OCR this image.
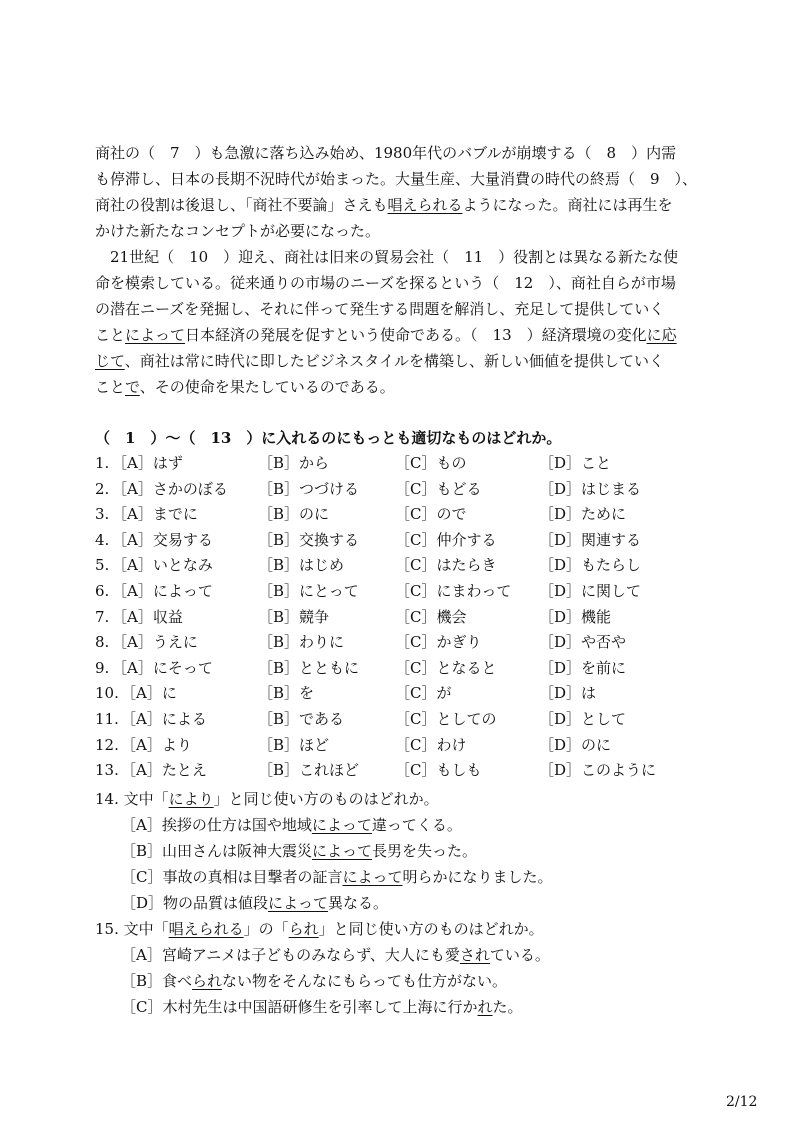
商社の（　7　）も急激に落ち込み始め、1980年代のバブルが崩壊する（　8　）内需
も停滞し、日本の長期不況時代が始まった。大量生産、大量消費の時代の終焉（　9　）、
商社の役割は後退し、「商社不要論」さえも唱えられるようになった。商社には再生を
かけた新たなコンセプトが必要になった。
　21世紀（　10　）迎え、商社は旧来の貿易会社（　11　）役割とは異なる新たな使
命を模索している。従来通りの市場のニーズを探るという（　12　）、商社自らが市場
の潜在ニーズを発掘し、それに伴って発生する問題を解消し、充足して提供していく
ことによって日本経済の発展を促すという使命である。（　13　）経済環境の変化に応
じて、商社は常に時代に即したビジネスタイルを構築し、新しい価値を提供していく
ことで、その使命を果たしているのである。
（　1　）～（　13　）に入れるのにもっとも適切なものはどれか。
1. ［A］はず	［B］から	［C］もの	［D］こと
2. ［A］さかのぼる ［B］つづける ［C］もどる	［D］はじまる
3. ［A］までに	［B］のに	［C］ので	［D］ために
4. ［A］交易する	［B］交換する ［C］仲介する	［D］関連する
5. ［A］いとなみ	［B］はじめ	［C］はたらき	［D］もたらし
6. ［A］によって	［B］にとって ［C］にまわって ［D］に関して
7. ［A］収益	［B］競争	［C］機会	［D］機能
8. ［A］うえに	［B］わりに	［C］かぎり	［D］や否や
9. ［A］にそって	［B］とともに ［C］となると	［D］を前に
10. ［A］に	［B］を	［C］が	［D］は
11. ［A］による	［B］である	［C］としての	［D］として
12. ［A］より	［B］ほど	［C］わけ	［D］のに
13. ［A］たとえ	［B］これほど ［C］もしも	［D］このように
14. 文中「により」と同じ使い方のものはどれか。
［A］挨拶の仕方は国や地域によって違ってくる。
［B］山田さんは阪神大震災によって長男を失った。
［C］事故の真相は目撃者の証言によって明らかになりました。
［D］物の品質は値段によって異なる。
15. 文中「唱えられる」の「られ」と同じ使い方のものはどれか。
［A］宮崎アニメは子どものみならず、大人にも愛されている。
［B］食べられない物をそんなにもらっても仕方がない。
［C］木村先生は中国語研修生を引率して上海に行かれた。
2/12
